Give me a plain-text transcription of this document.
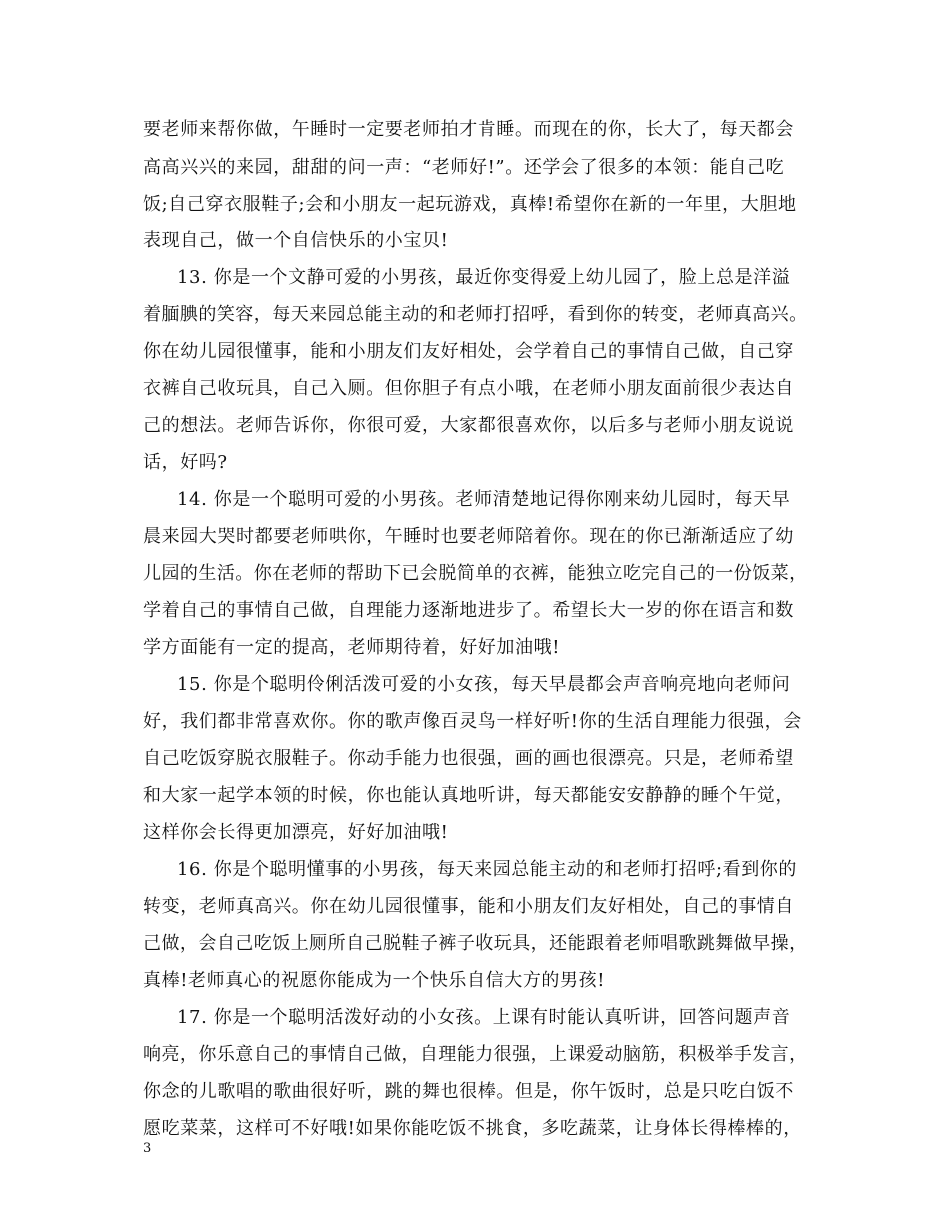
要老师来帮你做，午睡时一定要老师拍才肯睡。而现在的你，长大了，每天都会
高高兴兴的来园，甜甜的问一声：“老师好!”。还学会了很多的本领：能自己吃
饭;自己穿衣服鞋子;会和小朋友一起玩游戏，真棒!希望你在新的一年里，大胆地
表现自己，做一个自信快乐的小宝贝!
13. 你是一个文静可爱的小男孩，最近你变得爱上幼儿园了，脸上总是洋溢
着腼腆的笑容，每天来园总能主动的和老师打招呼，看到你的转变，老师真高兴。
你在幼儿园很懂事，能和小朋友们友好相处，会学着自己的事情自己做，自己穿
衣裤自己收玩具，自己入厕。但你胆子有点小哦，在老师小朋友面前很少表达自
己的想法。老师告诉你，你很可爱，大家都很喜欢你，以后多与老师小朋友说说
话，好吗?
14. 你是一个聪明可爱的小男孩。老师清楚地记得你刚来幼儿园时，每天早
晨来园大哭时都要老师哄你，午睡时也要老师陪着你。现在的你已渐渐适应了幼
儿园的生活。你在老师的帮助下已会脱简单的衣裤，能独立吃完自己的一份饭菜，
学着自己的事情自己做，自理能力逐渐地进步了。希望长大一岁的你在语言和数
学方面能有一定的提高，老师期待着，好好加油哦!
15. 你是个聪明伶俐活泼可爱的小女孩，每天早晨都会声音响亮地向老师问
好，我们都非常喜欢你。你的歌声像百灵鸟一样好听!你的生活自理能力很强，会
自己吃饭穿脱衣服鞋子。你动手能力也很强，画的画也很漂亮。只是，老师希望
和大家一起学本领的时候，你也能认真地听讲，每天都能安安静静的睡个午觉，
这样你会长得更加漂亮，好好加油哦!
16. 你是个聪明懂事的小男孩，每天来园总能主动的和老师打招呼;看到你的
转变，老师真高兴。你在幼儿园很懂事，能和小朋友们友好相处，自己的事情自
己做，会自己吃饭上厕所自己脱鞋子裤子收玩具，还能跟着老师唱歌跳舞做早操，
真棒!老师真心的祝愿你能成为一个快乐自信大方的男孩!
17. 你是一个聪明活泼好动的小女孩。上课有时能认真听讲，回答问题声音
响亮，你乐意自己的事情自己做，自理能力很强，上课爱动脑筋，积极举手发言，
你念的儿歌唱的歌曲很好听，跳的舞也很棒。但是，你午饭时，总是只吃白饭不
愿吃菜菜，这样可不好哦!如果你能吃饭不挑食，多吃蔬菜，让身体长得棒棒的，
3
